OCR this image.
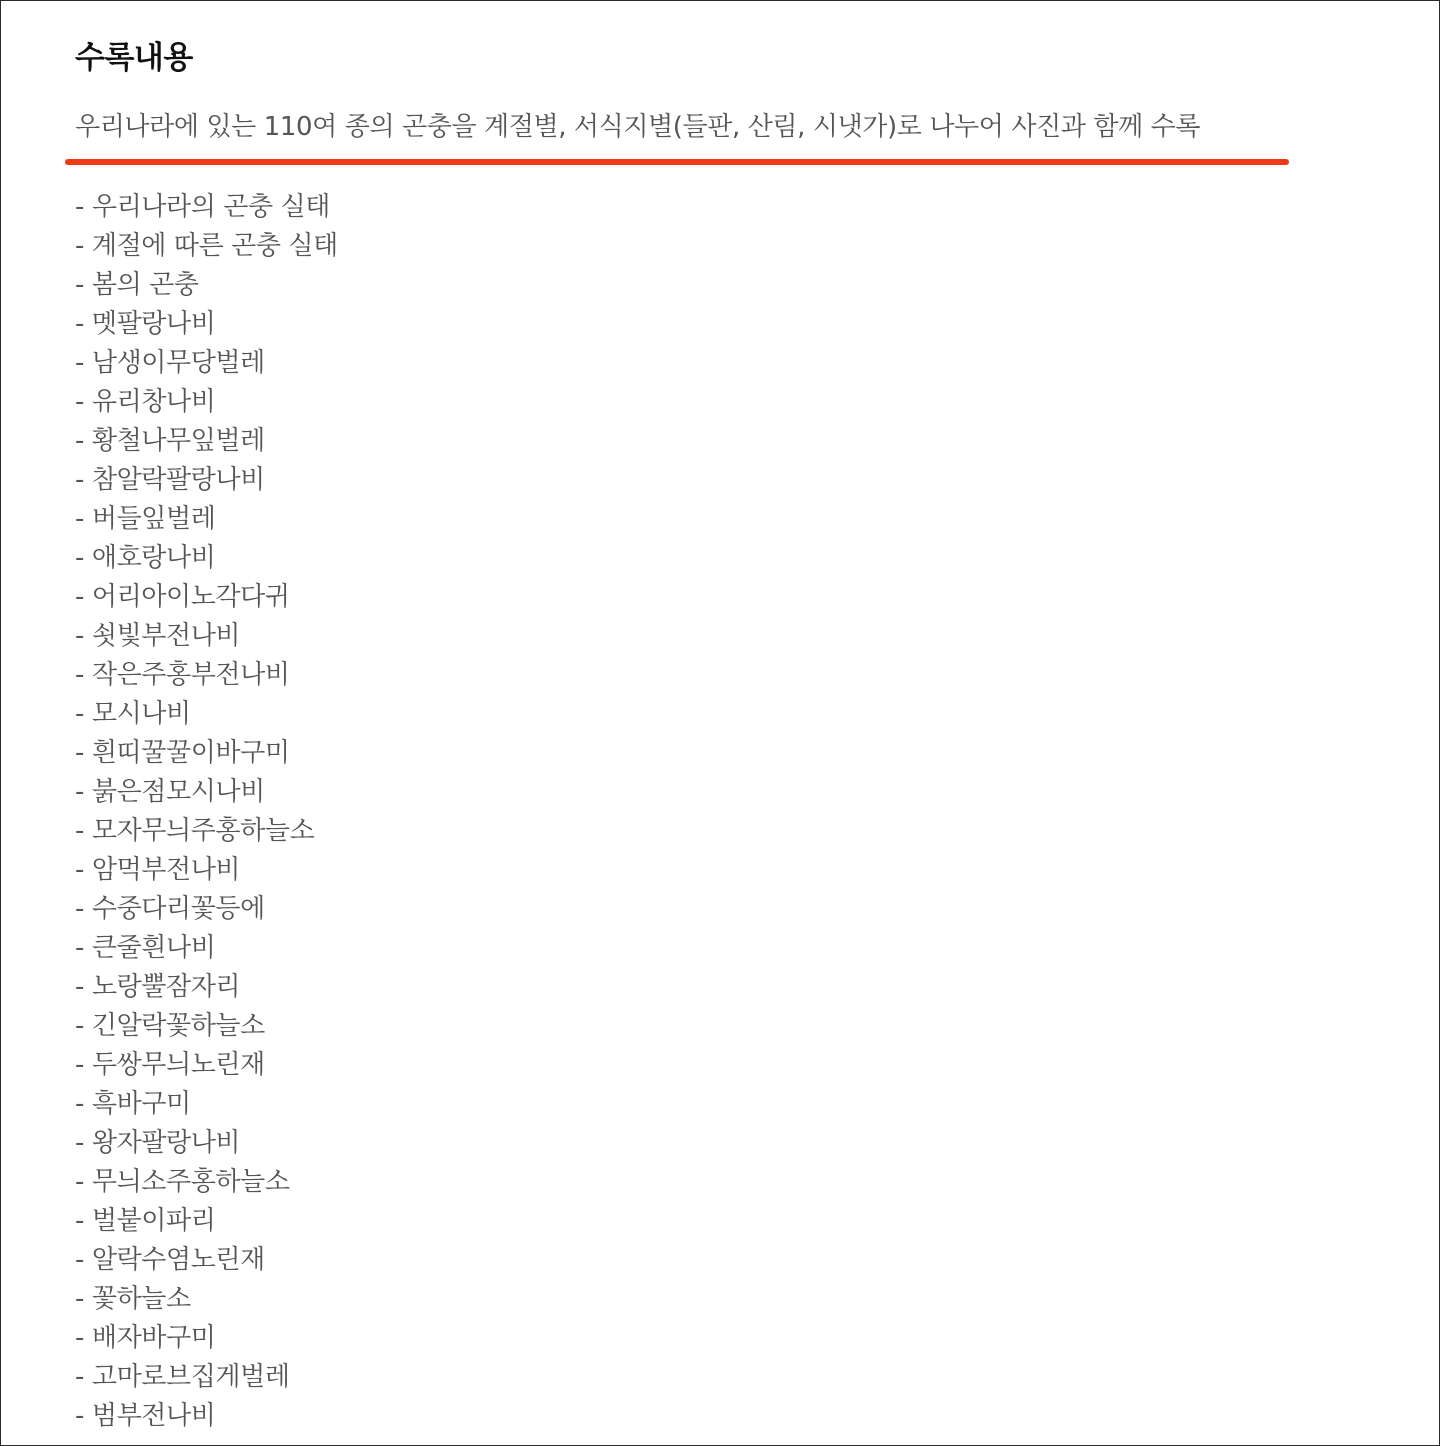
수록내용
우리나라에 있는 110여 종의 곤충을 계절별, 서식지별(들판, 산림, 시냇가)로 나누어 사진과 함께 수록
- 우리나라의 곤충 실태
- 계절에 따른 곤충 실태
- 봄의 곤충
- 멧팔랑나비
- 남생이무당벌레
- 유리창나비
- 황철나무잎벌레
- 참알락팔랑나비
- 버들잎벌레
- 애호랑나비
- 어리아이노각다귀
- 쇳빛부전나비
- 작은주홍부전나비
- 모시나비
- 흰띠꿀꿀이바구미
- 붉은점모시나비
- 모자무늬주홍하늘소
- 암먹부전나비
- 수중다리꽃등에
- 큰줄흰나비
- 노랑뿔잠자리
- 긴알락꽃하늘소
- 두쌍무늬노린재
- 흑바구미
- 왕자팔랑나비
- 무늬소주홍하늘소
- 벌붙이파리
- 알락수염노린재
- 꽃하늘소
- 배자바구미
- 고마로브집게벌레
- 범부전나비
